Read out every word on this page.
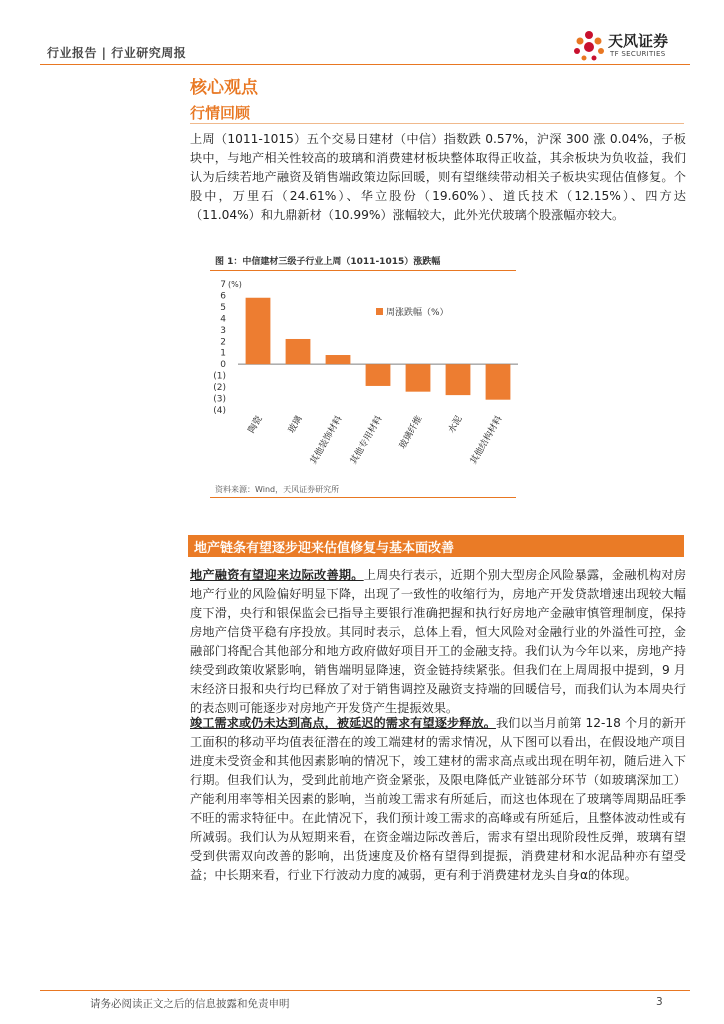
行业报告 | 行业研究周报
天风证券
TF SECURITIES
核心观点
行情回顾
上周（1011-1015）五个交易日建材（中信）指数跌 0.57%，沪深 300 涨 0.04%，子板块中，与地产相关性较高的玻璃和消费建材板块整体取得正收益，其余板块为负收益，我们认为后续若地产融资及销售端政策边际回暖，则有望继续带动相关子板块实现估值修复。个股中，万里石（24.61%）、华立股份（19.60%）、道氏技术（12.15%）、四方达（11.04%）和九鼎新材（10.99%）涨幅较大，此外光伏玻璃个股涨幅亦较大。
图 1：中信建材三级子行业上周（1011-1015）涨跌幅
7
6
5
4
3
2
1
0
(1)
(2)
(3)
(4)
陶瓷 玻璃 其他装饰材料 其他专用材料 玻璃纤维 水泥 其他结构材料
(%)
周涨跌幅（%）
资料来源：Wind，天风证券研究所
地产链条有望逐步迎来估值修复与基本面改善
地产融资有望迎来边际改善期。上周央行表示，近期个别大型房企风险暴露，金融机构对房地产行业的风险偏好明显下降，出现了一致性的收缩行为，房地产开发贷款增速出现较大幅度下滑，央行和银保监会已指导主要银行准确把握和执行好房地产金融审慎管理制度，保持房地产信贷平稳有序投放。其同时表示，总体上看，恒大风险对金融行业的外溢性可控，金融部门将配合其他部分和地方政府做好项目开工的金融支持。我们认为今年以来，房地产持续受到政策收紧影响，销售端明显降速，资金链持续紧张。但我们在上周周报中提到，9 月末经济日报和央行均已释放了对于销售调控及融资支持端的回暖信号，而我们认为本周央行的表态则可能逐步对房地产开发贷产生提振效果。
竣工需求或仍未达到高点，被延迟的需求有望逐步释放。我们以当月前第 12-18 个月的新开工面积的移动平均值表征潜在的竣工端建材的需求情况，从下图可以看出，在假设地产项目进度未受资金和其他因素影响的情况下，竣工建材的需求高点或出现在明年初，随后进入下行期。但我们认为，受到此前地产资金紧张，及限电降低产业链部分环节（如玻璃深加工）产能利用率等相关因素的影响，当前竣工需求有所延后，而这也体现在了玻璃等周期品旺季不旺的需求特征中。在此情况下，我们预计竣工需求的高峰或有所延后，且整体波动性或有所减弱。我们认为从短期来看，在资金端边际改善后，需求有望出现阶段性反弹，玻璃有望受到供需双向改善的影响，出货速度及价格有望得到提振，消费建材和水泥品种亦有望受益；中长期来看，行业下行波动力度的减弱，更有利于消费建材龙头自身α的体现。
请务必阅读正文之后的信息披露和免责申明	3
